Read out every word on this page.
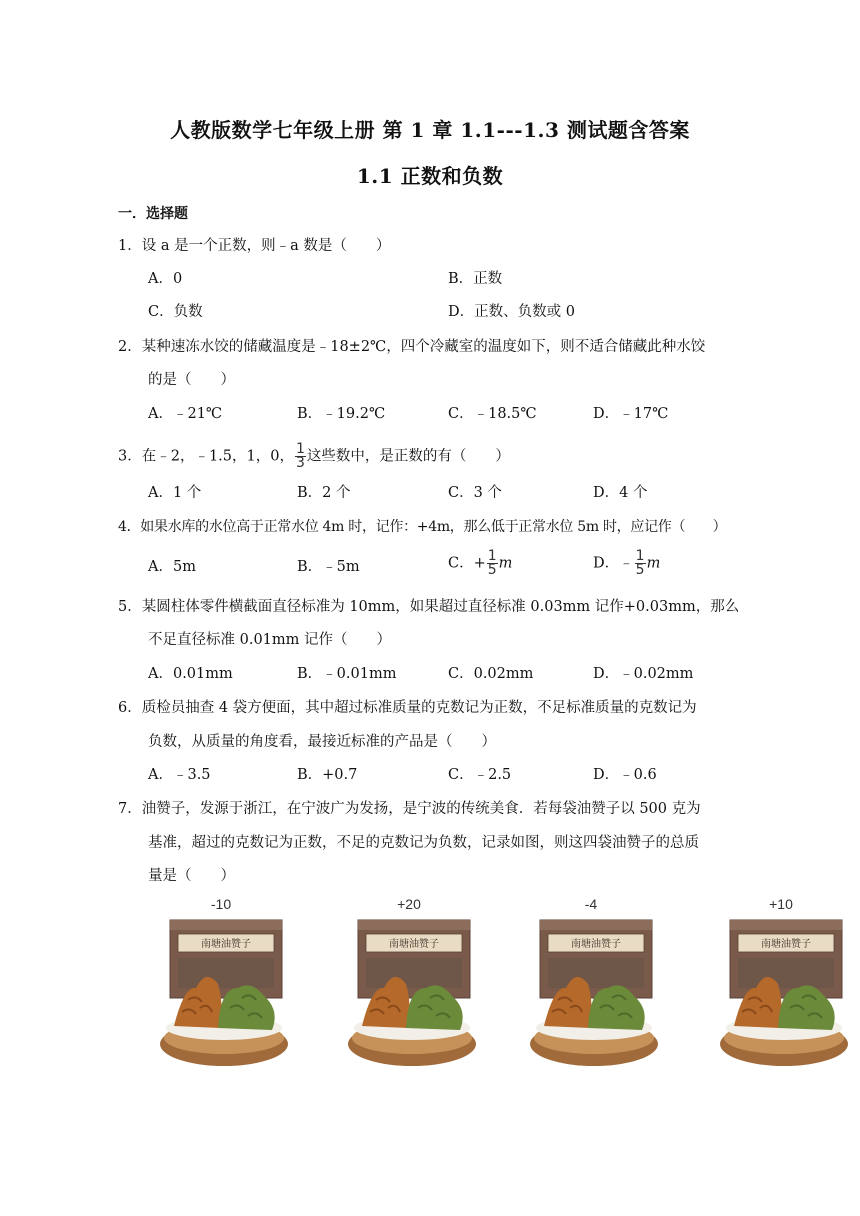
人教版数学七年级上册 第 1 章 1.1---1.3 测试题含答案
1.1 正数和负数
一．选择题
1．设 a 是一个正数，则﹣a 数是（　　）
A．0	B．正数
C．负数	D．正数、负数或 0
2．某种速冻水饺的储藏温度是﹣18±2℃，四个冷藏室的温度如下，则不适合储藏此种水饺
的是（　　）
A．﹣21℃	B．﹣19.2℃	C．﹣18.5℃	D．﹣17℃
3．在﹣2，﹣1.5，1，0， $\frac{1}{3}$ 这些数中，是正数的有（　　）
A．1 个	B．2 个	C．3 个	D．4 个
4．如果水库的水位高于正常水位 4m 时，记作：+4m，那么低于正常水位 5m 时，应记作（　　）
A．5m	B．﹣5m	C．+ $\frac{1}{5}$ m	D．﹣ $\frac{1}{5}$ m
5．某圆柱体零件横截面直径标准为 10mm，如果超过直径标准 0.03mm 记作+0.03mm，那么
不足直径标准 0.01mm 记作（　　）
A．0.01mm	B．﹣0.01mm	C．0.02mm	D．﹣0.02mm
6．质检员抽查 4 袋方便面，其中超过标准质量的克数记为正数，不足标准质量的克数记为
负数，从质量的角度看，最接近标准的产品是（　　）
A．﹣3.5	B．+0.7	C．﹣2.5	D．﹣0.6
7．油赞子，发源于浙江，在宁波广为发扬，是宁波的传统美食．若每袋油赞子以 500 克为
基准，超过的克数记为正数，不足的克数记为负数，记录如图，则这四袋油赞子的总质
量是（　　）
-10
南塘油赞子
+20
南塘油赞子
-4
南塘油赞子
+10
南塘油赞子
